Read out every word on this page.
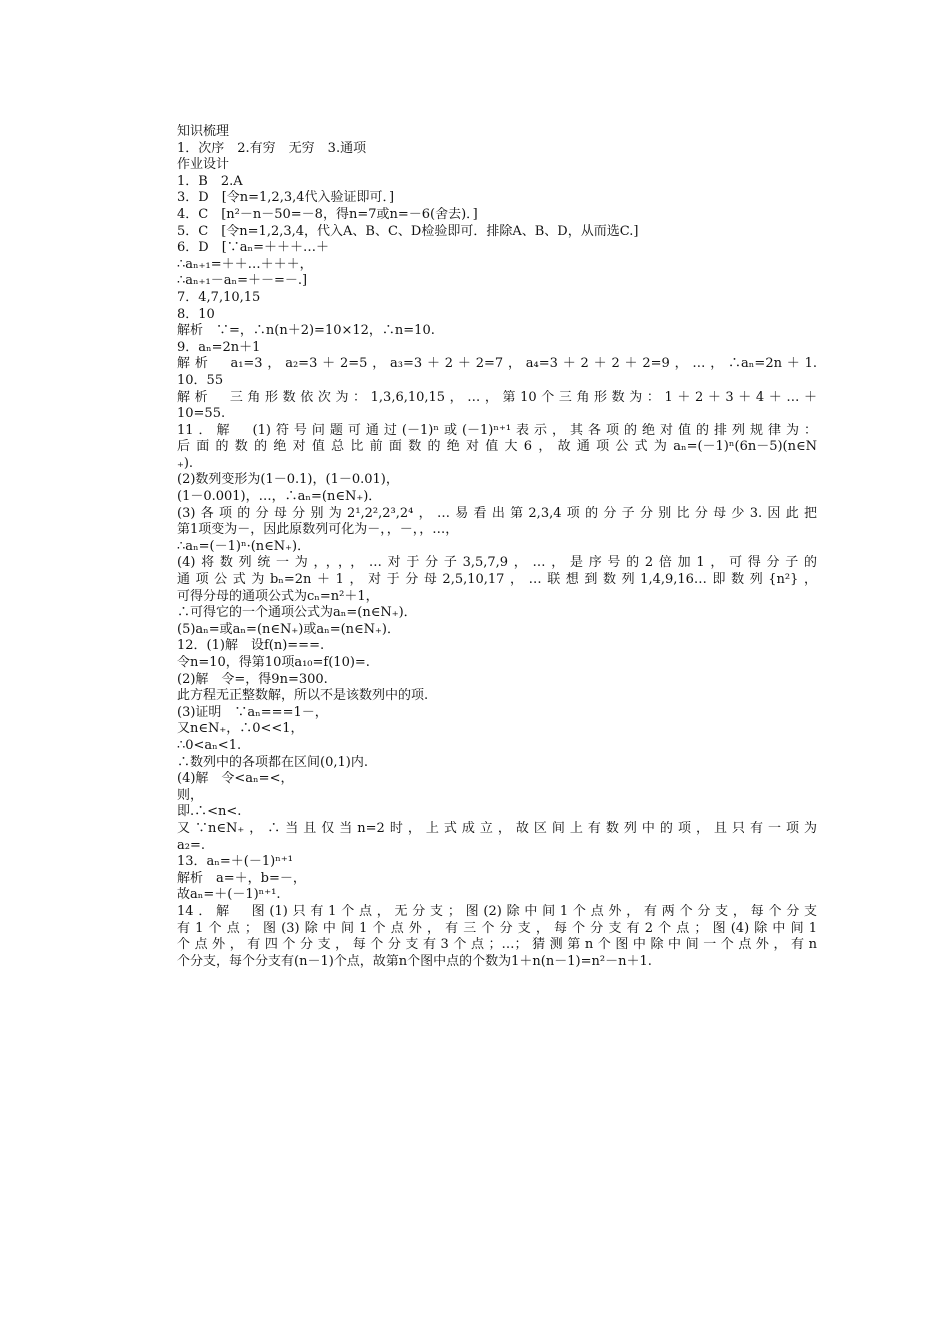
知识梳理
1．次序　2.有穷　无穷　3.通项
作业设计
1．B　2.A
3．D　[令n=1,2,3,4代入验证即可．]
4．C　[n²－n－50=－8，得n=7或n=－6(舍去)．]
5．C　[令n=1,2,3,4，代入A、B、C、D检验即可．排除A、B、D，从而选C.]
6．D　[∵aₙ=＋＋＋…＋
∴aₙ₊₁=＋＋…＋＋＋，
∴aₙ₊₁－aₙ=＋－=－.]
7．4,7,10,15
8．10
解析　∵=，∴n(n＋2)=10×12，∴n=10.
9．aₙ=2n＋1
解析　a₁=3，a₂=3＋2=5，a₃=3＋2＋2=7，a₄=3＋2＋2＋2=9，…，∴aₙ=2n＋1.
10．55
解析　三角形数依次为：1,3,6,10,15，…，第10个三角形数为：1＋2＋3＋4＋…＋
10=55.
11．解　(1)符号问题可通过(－1)ⁿ或(－1)ⁿ⁺¹表示，其各项的绝对值的排列规律为：
后面的数的绝对值总比前面数的绝对值大6，故通项公式为aₙ=(－1)ⁿ(6n－5)(n∈N
₊).
(2)数列变形为(1－0.1)，(1－0.01)，
(1－0.001)，…，∴aₙ=(n∈N₊)．
(3)各项的分母分别为2¹,2²,2³,2⁴，…易看出第2,3,4项的分子分别比分母少3.因此把
第1项变为－，因此原数列可化为－，，－，，…，
∴aₙ=(－1)ⁿ·(n∈N₊)．
(4)将数列统一为，，，，…对于分子3,5,7,9，…，是序号的2倍加1，可得分子的
通项公式为bₙ=2n＋1，对于分母2,5,10,17，…联想到数列1,4,9,16…即数列{n²}，
可得分母的通项公式为cₙ=n²＋1，
∴可得它的一个通项公式为aₙ=(n∈N₊)．
(5)aₙ=或aₙ=(n∈N₊)或aₙ=(n∈N₊)．
12．(1)解　设f(n)===.
令n=10，得第10项a₁₀=f(10)=.
(2)解　令=，得9n=300.
此方程无正整数解，所以不是该数列中的项.
(3)证明　∵aₙ===1－，
又n∈N₊，∴0<<1，
∴0<aₙ<1.
∴数列中的各项都在区间(0,1)内.
(4)解　令<aₙ=<，
则，
即.∴<n<.
又∵n∈N₊，∴当且仅当n=2时，上式成立，故区间上有数列中的项，且只有一项为
a₂=.
13．aₙ=＋(－1)ⁿ⁺¹
解析　a=＋，b=－，
故aₙ=＋(－1)ⁿ⁺¹.
14．解　图(1)只有1个点，无分支；图(2)除中间1个点外，有两个分支，每个分支
有1个点；图(3)除中间1个点外，有三个分支，每个分支有2个点；图(4)除中间1
个点外，有四个分支，每个分支有3个点；…；猜测第n个图中除中间一个点外，有n
个分支，每个分支有(n－1)个点，故第n个图中点的个数为1＋n(n－1)=n²－n＋1.
